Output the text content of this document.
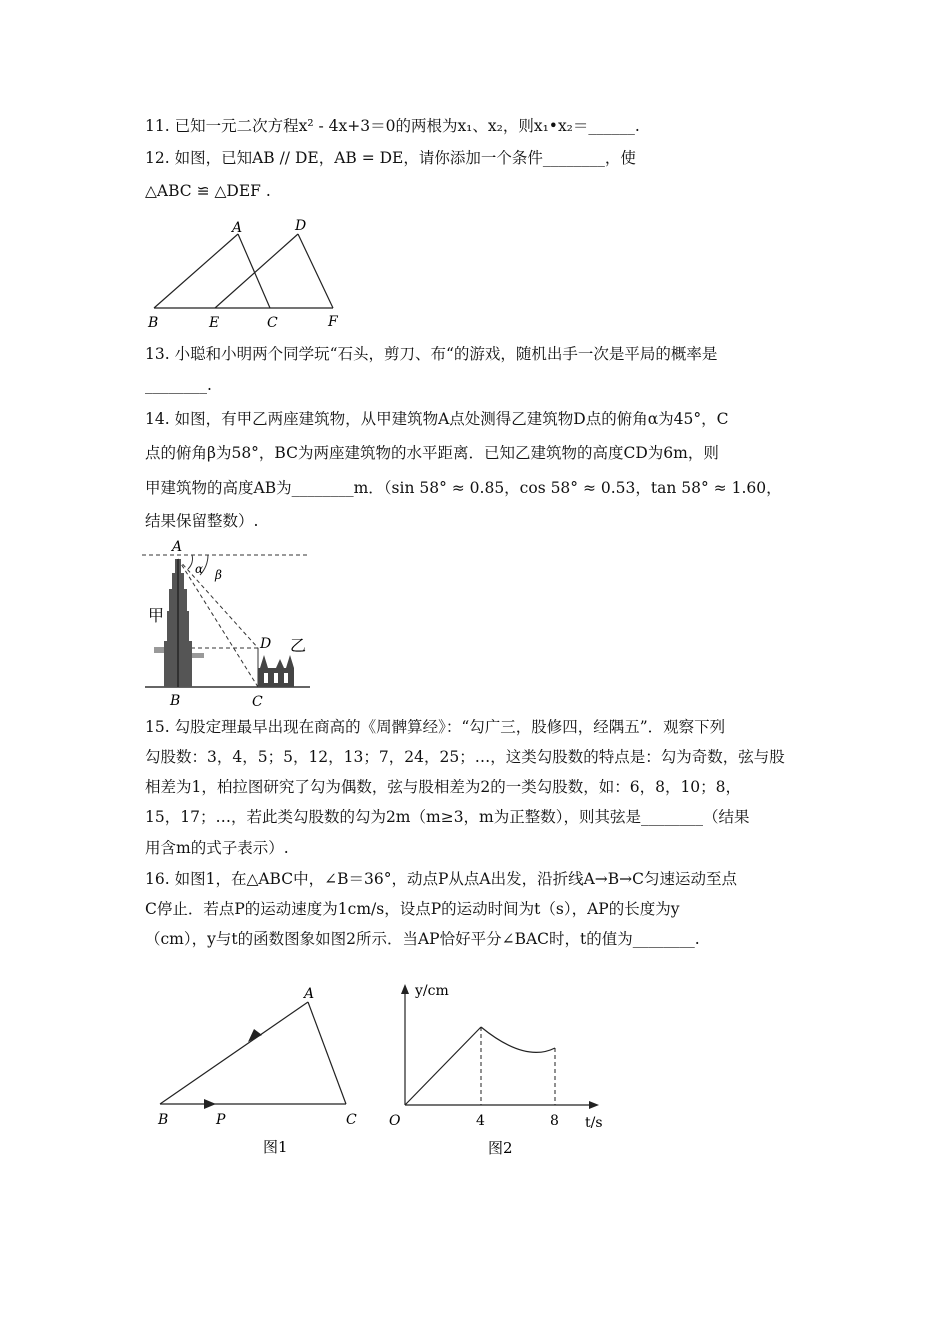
11. 已知一元二次方程x² - 4x+3＝0的两根为x₁、x₂，则x₁•x₂＝______.
12. 如图，已知AB // DE，AB = DE，请你添加一个条件________，使
△ABC ≌ △DEF .
A	D
B	E	C	F
13. 小聪和小明两个同学玩“石头，剪刀、布“的游戏，随机出手一次是平局的概率是
________.
14. 如图，有甲乙两座建筑物，从甲建筑物A点处测得乙建筑物D点的俯角α为45°，C
点的俯角β为58°，BC为两座建筑物的水平距离．已知乙建筑物的高度CD为6m，则
甲建筑物的高度AB为________m．（sin 58° ≈ 0.85，cos 58° ≈ 0.53，tan 58° ≈ 1.60，
结果保留整数）.
A
α β
甲
D 乙
B	C
15. 勾股定理最早出现在商高的《周髀算经》：“勾广三，股修四，经隅五”．观察下列
勾股数：3，4，5；5，12，13；7，24，25；…，这类勾股数的特点是：勾为奇数，弦与股
相差为1，柏拉图研究了勾为偶数，弦与股相差为2的一类勾股数，如：6，8，10；8，
15，17；…，若此类勾股数的勾为2m（m≥3，m为正整数），则其弦是________（结果
用含m的式子表示）.
16. 如图1，在△ABC中，∠B＝36°，动点P从点A出发，沿折线A→B→C匀速运动至点
C停止．若点P的运动速度为1cm/s，设点P的运动时间为t（s），AP的长度为y
（cm），y与t的函数图象如图2所示．当AP恰好平分∠BAC时，t的值为________.
A
B	P	C
图1
y/cm
t/s
O	4	8
图2
